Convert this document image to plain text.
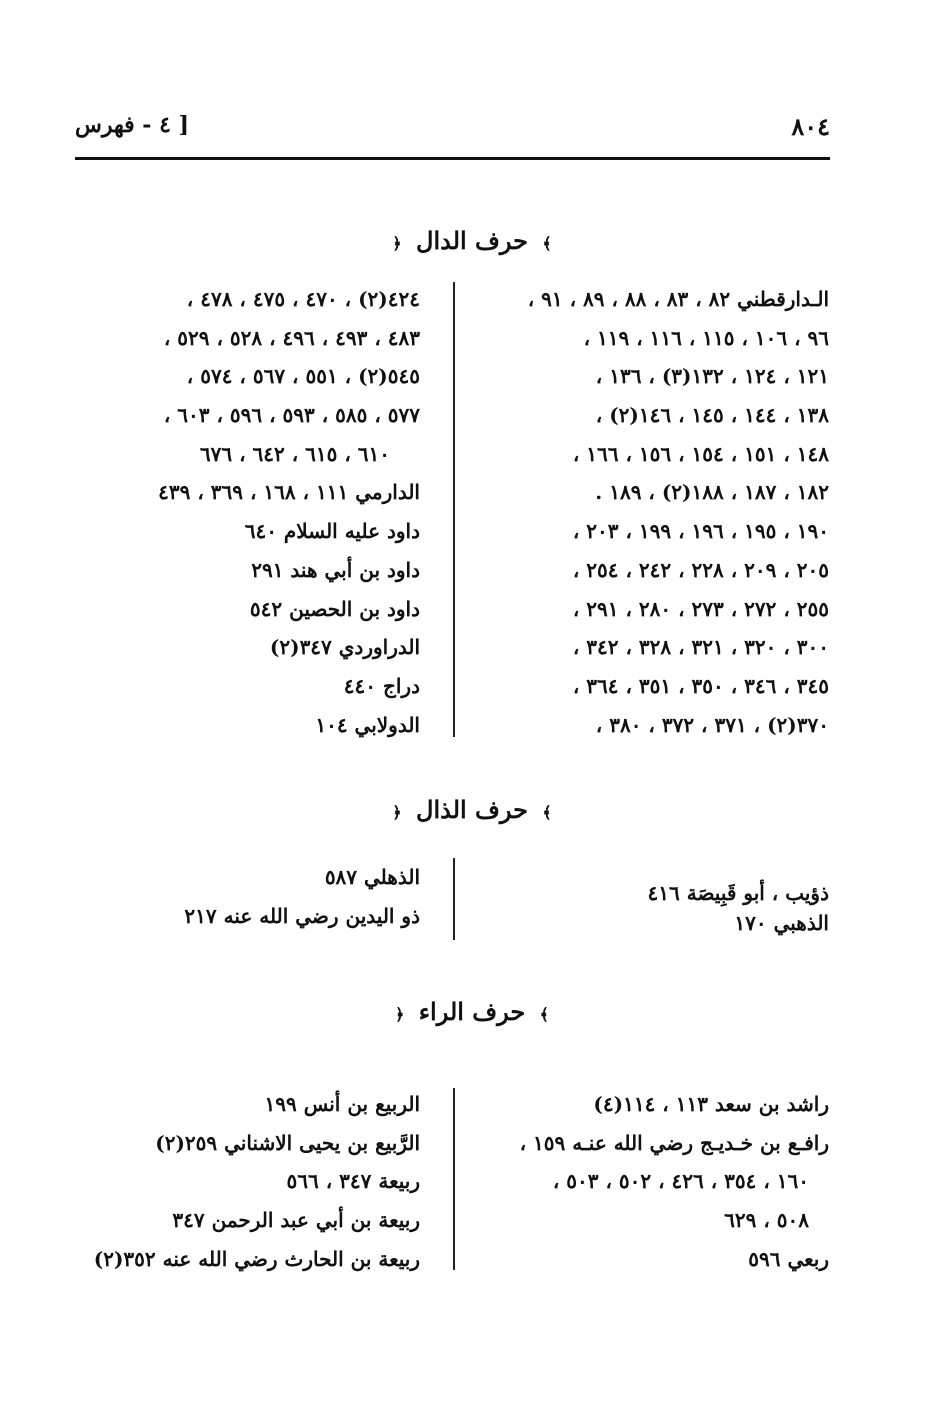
٨٠٤
[ ٤ - فهرس
﴾ حرف الدال ﴿
الـدارقطني ٨٢ ، ٨٣ ، ٨٨ ، ٨٩ ، ٩١ ،
٩٦ ، ١٠٦ ، ١١٥ ، ١١٦ ، ١١٩ ،
١٢١ ، ١٢٤ ، ١٣٢(٣) ، ١٣٦ ،
١٣٨ ، ١٤٤ ، ١٤٥ ، ١٤٦(٢) ،
١٤٨ ، ١٥١ ، ١٥٤ ، ١٥٦ ، ١٦٦ ،
١٨٢ ، ١٨٧ ، ١٨٨(٢) ، ١٨٩ .
١٩٠ ، ١٩٥ ، ١٩٦ ، ١٩٩ ، ٢٠٣ ،
٢٠٥ ، ٢٠٩ ، ٢٢٨ ، ٢٤٢ ، ٢٥٤ ،
٢٥٥ ، ٢٧٢ ، ٢٧٣ ، ٢٨٠ ، ٢٩١ ،
٣٠٠ ، ٣٢٠ ، ٣٢١ ، ٣٢٨ ، ٣٤٢ ،
٣٤٥ ، ٣٤٦ ، ٣٥٠ ، ٣٥١ ، ٣٦٤ ،
٣٧٠(٢) ، ٣٧١ ، ٣٧٢ ، ٣٨٠ ،
٤٢٤(٢) ، ٤٧٠ ، ٤٧٥ ، ٤٧٨ ،
٤٨٣ ، ٤٩٣ ، ٤٩٦ ، ٥٢٨ ، ٥٢٩ ،
٥٤٥(٢) ، ٥٥١ ، ٥٦٧ ، ٥٧٤ ،
٥٧٧ ، ٥٨٥ ، ٥٩٣ ، ٥٩٦ ، ٦٠٣ ،
٦١٠ ، ٦١٥ ، ٦٤٢ ، ٦٧٦
الدارمي ١١١ ، ١٦٨ ، ٣٦٩ ، ٤٣٩
داود عليه السلام ٦٤٠
داود بن أبي هند ٢٩١
داود بن الحصين ٥٤٢
الدراوردي ٣٤٧(٢)
دراج ٤٤٠
الدولابي ١٠٤
﴾ حرف الذال ﴿
ذؤيب ، أبو قَبِيصَة ٤١٦
الذهبي ١٧٠
الذهلي ٥٨٧
ذو اليدين رضي الله عنه ٢١٧
﴾ حرف الراء ﴿
راشد بن سعد ١١٣ ، ١١٤(٤)
رافـع بن خـديـج رضي الله عنـه ١٥٩ ،
١٦٠ ، ٣٥٤ ، ٤٢٦ ، ٥٠٢ ، ٥٠٣ ،
٥٠٨ ، ٦٢٩
ربعي ٥٩٦
الربيع بن أنس ١٩٩
الرَّبيع بن يحيى الاشناني ٢٥٩(٢)
ربيعة ٣٤٧ ، ٥٦٦
ربيعة بن أبي عبد الرحمن ٣٤٧
ربيعة بن الحارث رضي الله عنه ٣٥٢(٢)
